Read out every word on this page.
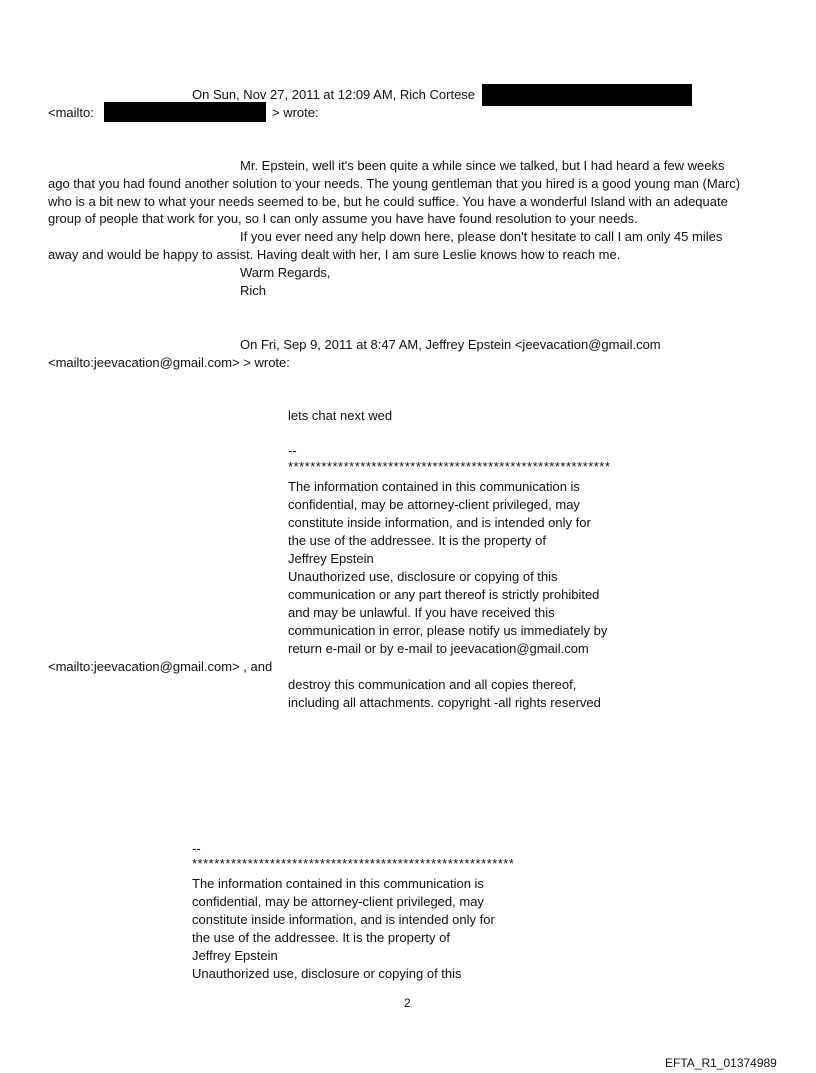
On Sun, Nov 27, 2011 at 12:09 AM, Rich Cortese
<mailto:	> wrote:
Mr. Epstein, well it's been quite a while since we talked, but I had heard a few weeks
ago that you had found another solution to your needs. The young gentleman that you hired is a good young man (Marc) who is a bit new to what your needs seemed to be, but he could suffice. You have a wonderful Island with an adequate group of people that work for you, so I can only assume you have have found resolution to your needs.
If you ever need any help down here, please don't hesitate to call I am only 45 miles
away and would be happy to assist. Having dealt with her, I am sure Leslie knows how to reach me.
Warm Regards,
Rich
On Fri, Sep 9, 2011 at 8:47 AM, Jeffrey Epstein <jeevacation@gmail.com
<mailto:jeevacation@gmail.com> > wrote:
lets chat next wed
--
**********************************************************
The information contained in this communication is
confidential, may be attorney-client privileged, may
constitute inside information, and is intended only for
the use of the addressee. It is the property of
Jeffrey Epstein
Unauthorized use, disclosure or copying of this
communication or any part thereof is strictly prohibited
and may be unlawful. If you have received this
communication in error, please notify us immediately by
return e-mail or by e-mail to jeevacation@gmail.com
<mailto:jeevacation@gmail.com> , and
destroy this communication and all copies thereof,
including all attachments. copyright -all rights reserved
--
**********************************************************
The information contained in this communication is
confidential, may be attorney-client privileged, may
constitute inside information, and is intended only for
the use of the addressee. It is the property of
Jeffrey Epstein
Unauthorized use, disclosure or copying of this
2
EFTA_R1_01374989
